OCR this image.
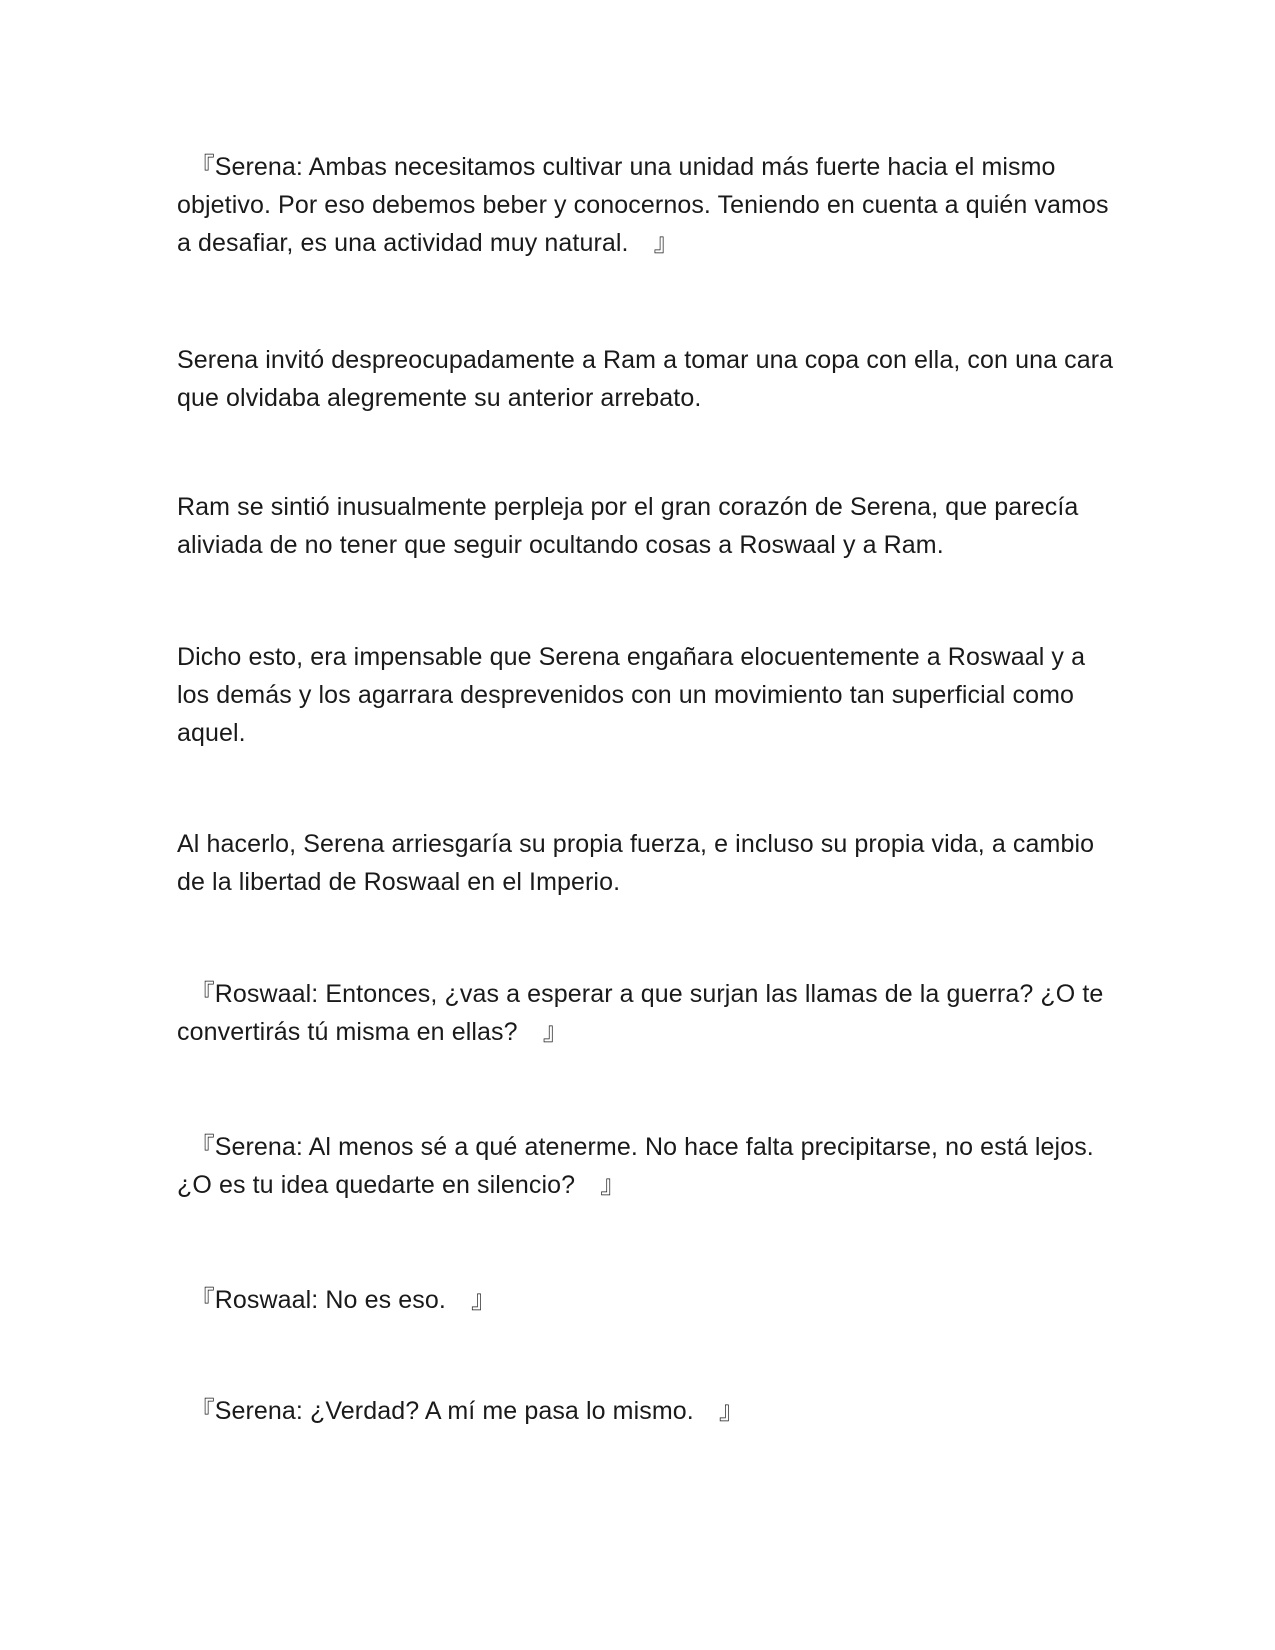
　『Serena: Ambas necesitamos cultivar una unidad más fuerte hacia el mismo objetivo. Por eso debemos beber y conocernos. Teniendo en cuenta a quién vamos a desafiar, es una actividad muy natural.　』

Serena invitó despreocupadamente a Ram a tomar una copa con ella, con una cara que olvidaba alegremente su anterior arrebato.

Ram se sintió inusualmente perpleja por el gran corazón de Serena, que parecía aliviada de no tener que seguir ocultando cosas a Roswaal y a Ram.

Dicho esto, era impensable que Serena engañara elocuentemente a Roswaal y a los demás y los agarrara desprevenidos con un movimiento tan superficial como aquel.

Al hacerlo, Serena arriesgaría su propia fuerza, e incluso su propia vida, a cambio de la libertad de Roswaal en el Imperio.

　『Roswaal: Entonces, ¿vas a esperar a que surjan las llamas de la guerra? ¿O te convertirás tú misma en ellas?　』

　『Serena: Al menos sé a qué atenerme. No hace falta precipitarse, no está lejos. ¿O es tu idea quedarte en silencio?　』

　『Roswaal: No es eso.　』

　『Serena: ¿Verdad? A mí me pasa lo mismo.　』
